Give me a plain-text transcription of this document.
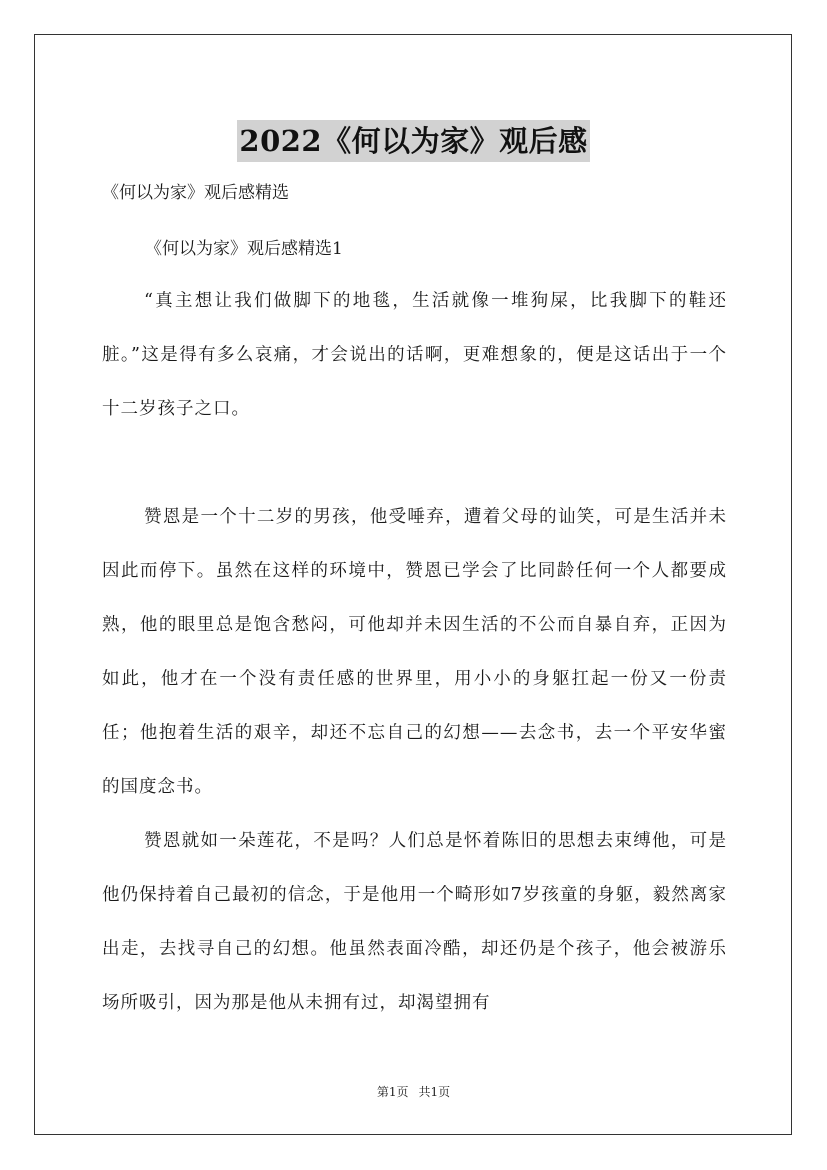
2022《何以为家》观后感

《何以为家》观后感精选

《何以为家》观后感精选1

“真主想让我们做脚下的地毯，生活就像一堆狗屎，比我脚下的鞋还脏。”这是得有多么哀痛，才会说出的话啊，更难想象的，便是这话出于一个十二岁孩子之口。

赞恩是一个十二岁的男孩，他受唾弃，遭着父母的讪笑，可是生活并未因此而停下。虽然在这样的环境中，赞恩已学会了比同龄任何一个人都要成熟，他的眼里总是饱含愁闷，可他却并未因生活的不公而自暴自弃，正因为如此，他才在一个没有责任感的世界里，用小小的身躯扛起一份又一份责任；他抱着生活的艰辛，却还不忘自己的幻想——去念书，去一个平安华蜜的国度念书。

赞恩就如一朵莲花，不是吗？人们总是怀着陈旧的思想去束缚他，可是他仍保持着自己最初的信念，于是他用一个畸形如7岁孩童的身躯，毅然离家出走，去找寻自己的幻想。他虽然表面冷酷，却还仍是个孩子，他会被游乐场所吸引，因为那是他从未拥有过，却渴望拥有

第1页 共1页
